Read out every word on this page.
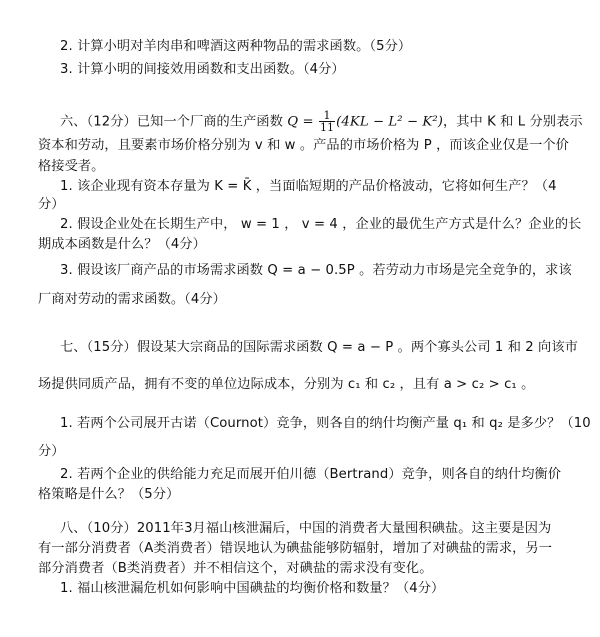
2. 计算小明对羊肉串和啤酒这两种物品的需求函数。（5分）
3. 计算小明的间接效用函数和支出函数。（4分）
六、（12分）已知一个厂商的生产函数 $Q = \frac{1}{11} (4KL - L^2 - K^2)$，其中 K 和 L 分别表示
资本和劳动，且要素市场价格分别为 v 和 w 。产品的市场价格为 P ，而该企业仅是一个价
格接受者。
1. 该企业现有资本存量为 K = K̄ ，当面临短期的产品价格波动，它将如何生产？（4
分）
2. 假设企业处在长期生产中， w = 1 ， v = 4 ，企业的最优生产方式是什么？企业的长
期成本函数是什么？（4分）
3. 假设该厂商产品的市场需求函数 Q = a − 0.5P 。若劳动力市场是完全竞争的，求该
厂商对劳动的需求函数。（4分）
七、（15分）假设某大宗商品的国际需求函数 Q = a − P 。两个寡头公司 1 和 2 向该市
场提供同质产品，拥有不变的单位边际成本，分别为 c₁ 和 c₂ ，且有 a > c₂ > c₁ 。
1. 若两个公司展开古诺（Cournot）竞争，则各自的纳什均衡产量 q₁ 和 q₂ 是多少？（10
分）
2. 若两个企业的供给能力充足而展开伯川德（Bertrand）竞争，则各自的纳什均衡价
格策略是什么？（5分）
八、（10分）2011年3月福山核泄漏后，中国的消费者大量囤积碘盐。这主要是因为
有一部分消费者（A类消费者）错误地认为碘盐能够防辐射，增加了对碘盐的需求，另一
部分消费者（B类消费者）并不相信这个，对碘盐的需求没有变化。
1. 福山核泄漏危机如何影响中国碘盐的均衡价格和数量？（4分）
